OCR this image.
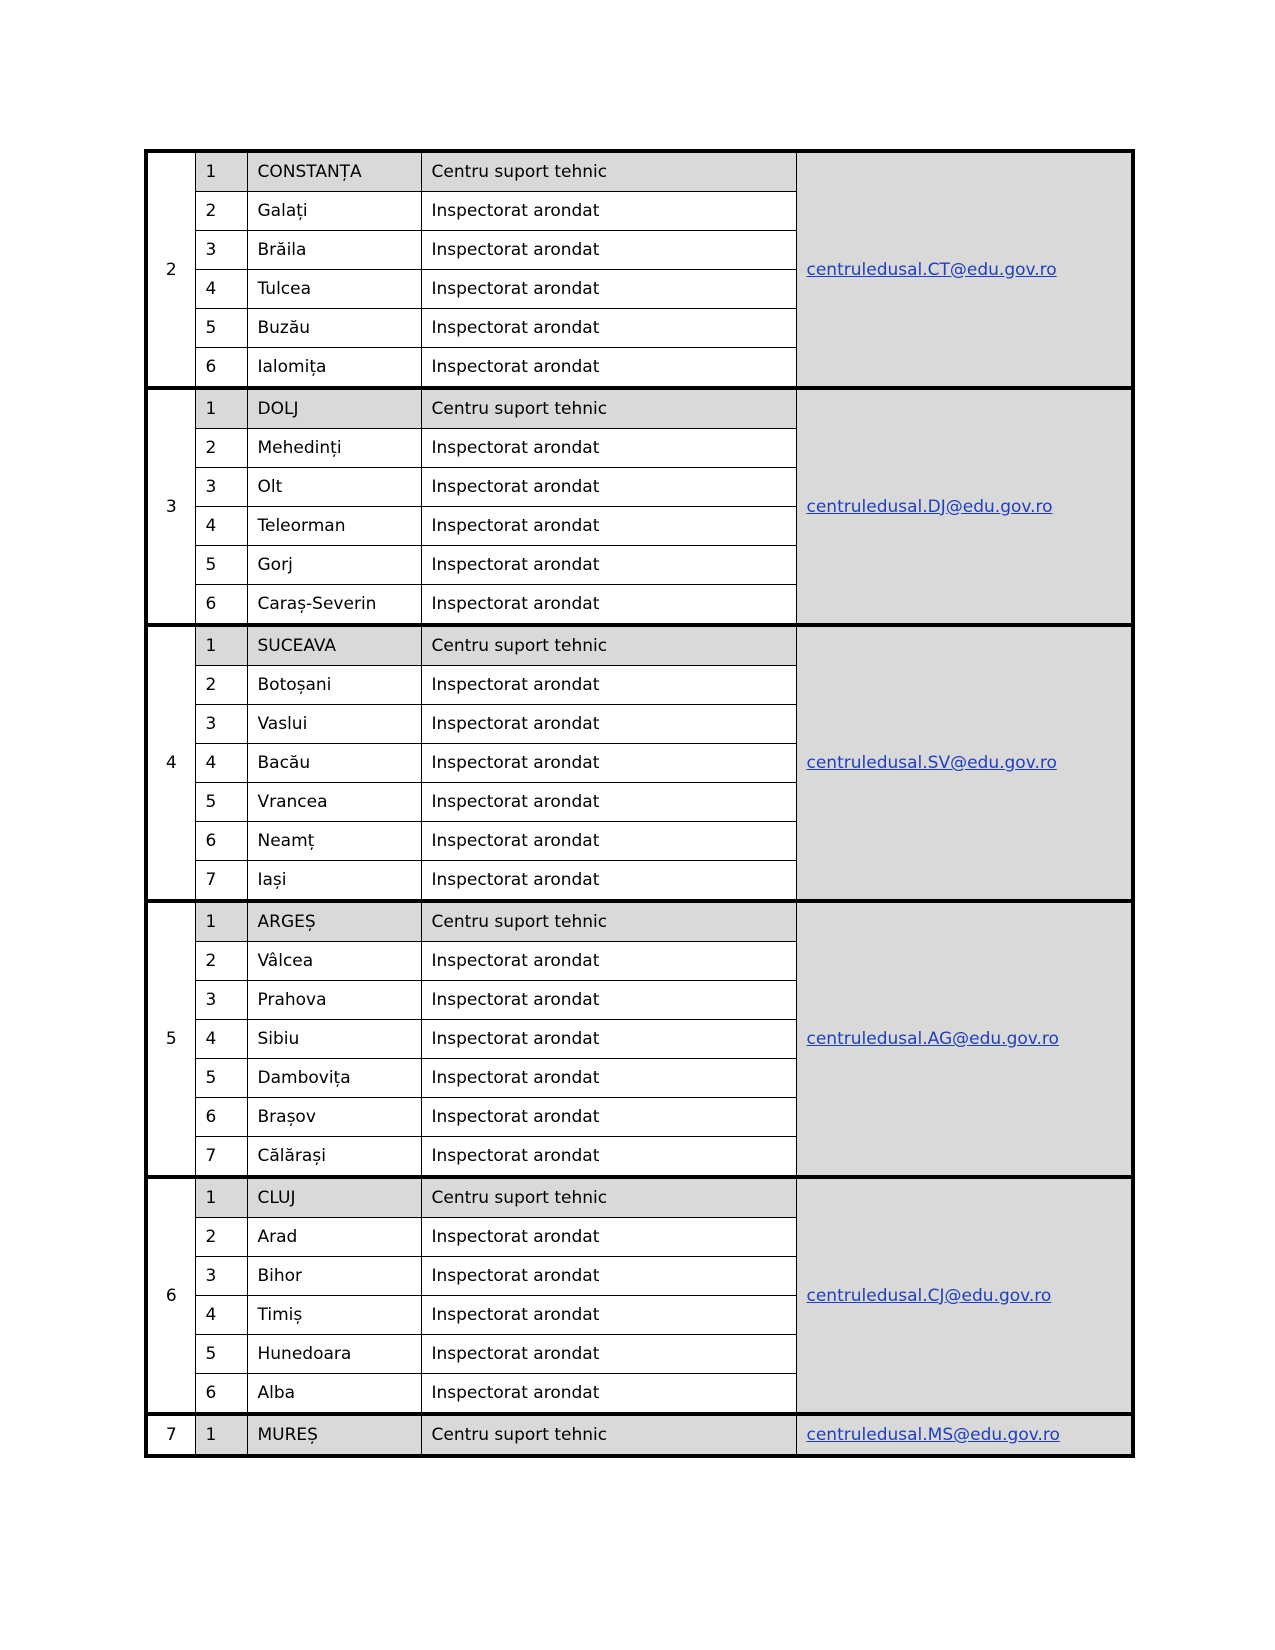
2	1	CONSTANȚA	Centru suport tehnic	centruledusal.CT@edu.gov.ro
	2	Galați	Inspectorat arondat	
	3	Brăila	Inspectorat arondat	
	4	Tulcea	Inspectorat arondat	
	5	Buzău	Inspectorat arondat	
	6	Ialomița	Inspectorat arondat	
3	1	DOLJ	Centru suport tehnic	centruledusal.DJ@edu.gov.ro
	2	Mehedinți	Inspectorat arondat	
	3	Olt	Inspectorat arondat	
	4	Teleorman	Inspectorat arondat	
	5	Gorj	Inspectorat arondat	
	6	Caraș-Severin	Inspectorat arondat	
4	1	SUCEAVA	Centru suport tehnic	centruledusal.SV@edu.gov.ro
	2	Botoșani	Inspectorat arondat	
	3	Vaslui	Inspectorat arondat	
	4	Bacău	Inspectorat arondat	
	5	Vrancea	Inspectorat arondat	
	6	Neamț	Inspectorat arondat	
	7	Iași	Inspectorat arondat	
5	1	ARGEȘ	Centru suport tehnic	centruledusal.AG@edu.gov.ro
	2	Vâlcea	Inspectorat arondat	
	3	Prahova	Inspectorat arondat	
	4	Sibiu	Inspectorat arondat	
	5	Dambovița	Inspectorat arondat	
	6	Brașov	Inspectorat arondat	
	7	Călărași	Inspectorat arondat	
6	1	CLUJ	Centru suport tehnic	centruledusal.CJ@edu.gov.ro
	2	Arad	Inspectorat arondat	
	3	Bihor	Inspectorat arondat	
	4	Timiș	Inspectorat arondat	
	5	Hunedoara	Inspectorat arondat	
	6	Alba	Inspectorat arondat	
7	1	MUREȘ	Centru suport tehnic	centruledusal.MS@edu.gov.ro
